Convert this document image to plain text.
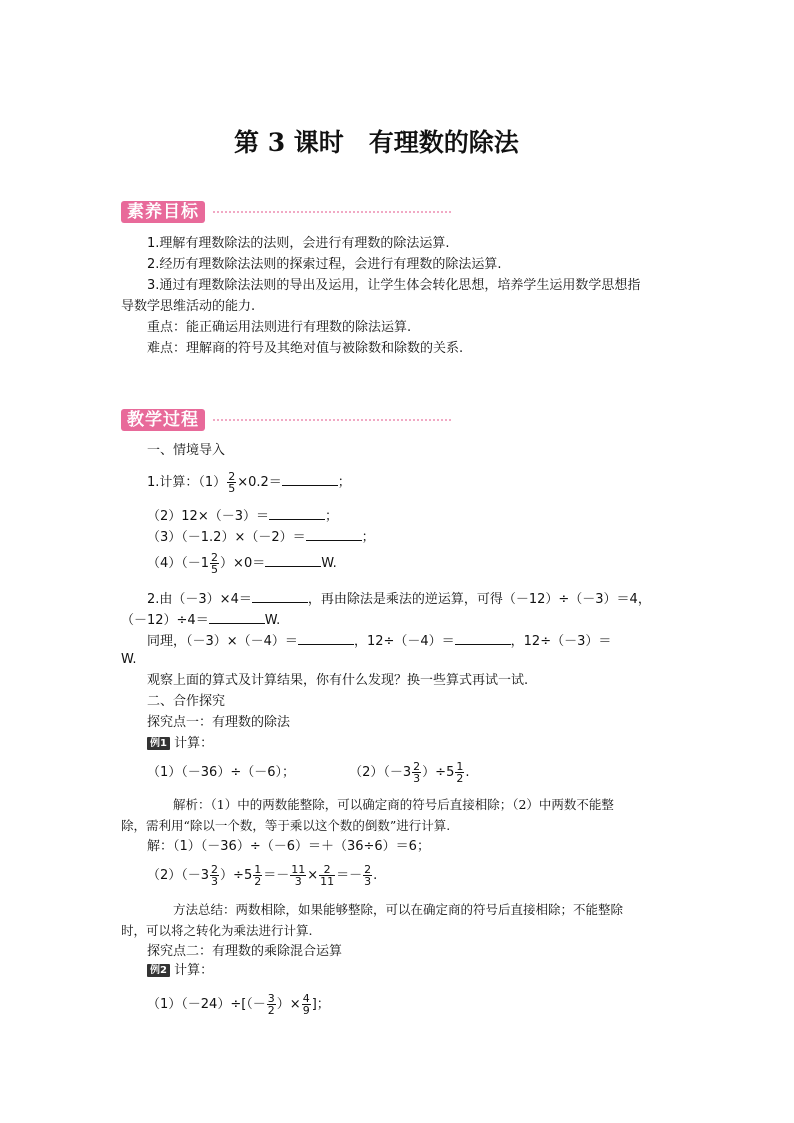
第 3 课时　有理数的除法
素养目标
1.理解有理数除法的法则，会进行有理数的除法运算.
2.经历有理数除法法则的探索过程，会进行有理数的除法运算.
3.通过有理数除法法则的导出及运用，让学生体会转化思想，培养学生运用数学思想指
导数学思维活动的能力.
重点：能正确运用法则进行有理数的除法运算.
难点：理解商的符号及其绝对值与被除数和除数的关系.
教学过程
一、情境导入
1.计算：$(1) \frac{2}{5} \times 0.2=$	；
（2）12×（－3）＝	；
（3）（－1.2）×（－2）＝	；
$(4)(-1 \frac{2}{5} )\times 0=$	W.
2.由（－3）×4＝	，再由除法是乘法的逆运算，可得（－12）÷（－3）＝4，
（－12）÷4＝	W.
同理，（－3）×（－4）＝	，12÷（－4）＝	，12÷（－3）＝
W.
观察上面的算式及计算结果，你有什么发现？换一些算式再试一试.
二、合作探究
探究点一：有理数的除法
例1 计算：
（1）（－36）÷（－6）；	$(2)(-3 \frac{2}{3} )\div 5 \frac{1}{2}$ .
解析：（1）中的两数能整除，可以确定商的符号后直接相除；（2）中两数不能整
除，需利用“除以一个数，等于乘以这个数的倒数”进行计算.
解：（1）（－36）÷（－6）＝＋（36÷6）＝6；
$(2)(-3 \frac{2}{3} )\div 5 \frac{1}{2} =- \frac{11}{3} \times \frac{2}{11} =- \frac{2}{3}$ .
方法总结：两数相除，如果能够整除，可以在确定商的符号后直接相除；不能整除
时，可以将之转化为乘法进行计算.
探究点二：有理数的乘除混合运算
例2 计算：
$(1)(-24)\div[(- \frac{3}{2}$ ）× $\frac{4}{9}$ ]；
